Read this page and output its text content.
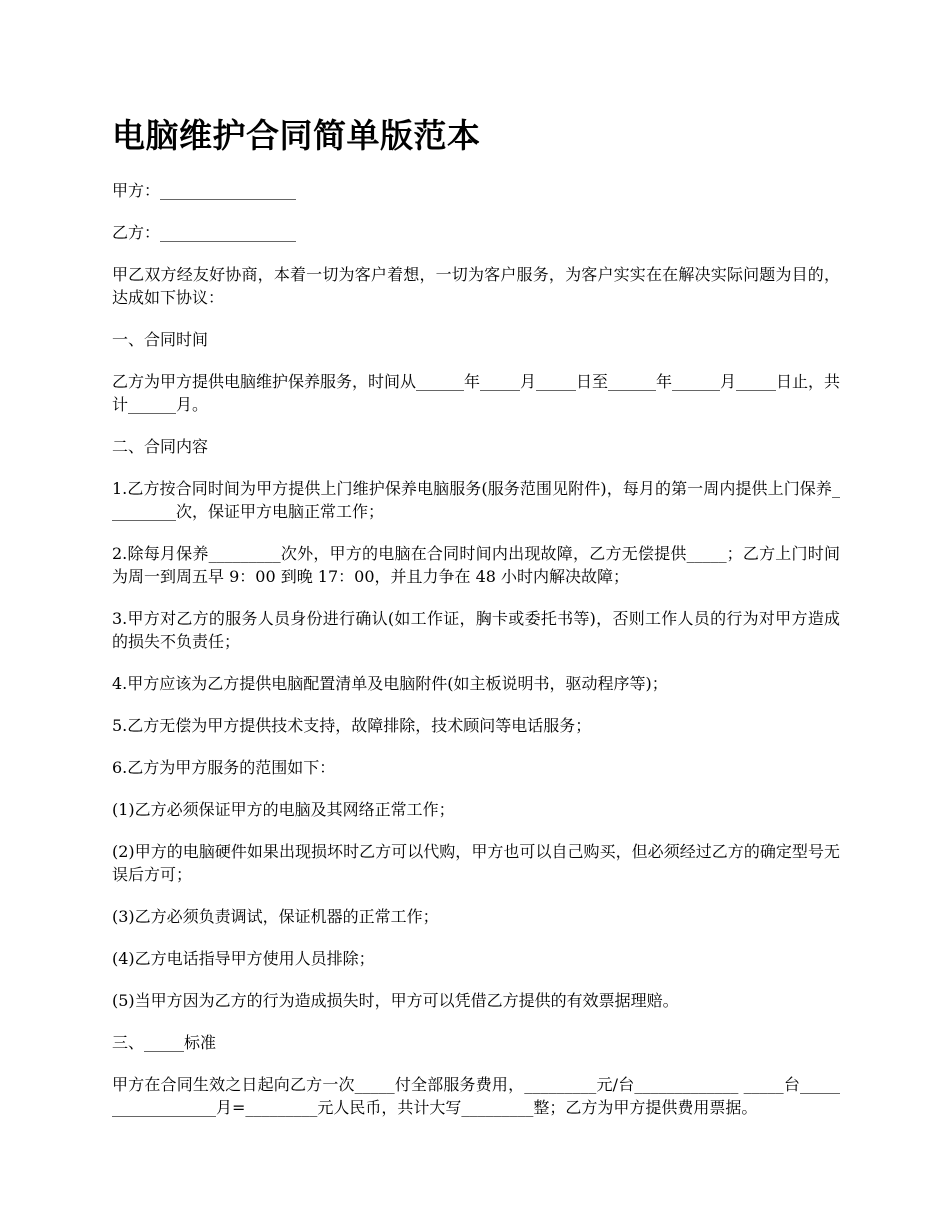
电脑维护合同简单版范本

甲方：_________________

乙方：_________________

甲乙双方经友好协商，本着一切为客户着想，一切为客户服务，为客户实实在在解决实际问题为目的，达成如下协议：

一、合同时间

乙方为甲方提供电脑维护保养服务，时间从______年_____月_____日至______年______月_____日止，共计______月。

二、合同内容

1.乙方按合同时间为甲方提供上门维护保养电脑服务(服务范围见附件)，每月的第一周内提供上门保养_________次，保证甲方电脑正常工作；

2.除每月保养_________次外，甲方的电脑在合同时间内出现故障，乙方无偿提供_____；乙方上门时间为周一到周五早 9：00 到晚 17：00，并且力争在 48 小时内解决故障；

3.甲方对乙方的服务人员身份进行确认(如工作证，胸卡或委托书等)，否则工作人员的行为对甲方造成的损失不负责任；

4.甲方应该为乙方提供电脑配置清单及电脑附件(如主板说明书，驱动程序等)；

5.乙方无偿为甲方提供技术支持，故障排除，技术顾问等电话服务；

6.乙方为甲方服务的范围如下：

(1)乙方必须保证甲方的电脑及其网络正常工作；

(2)甲方的电脑硬件如果出现损坏时乙方可以代购，甲方也可以自己购买，但必须经过乙方的确定型号无误后方可；

(3)乙方必须负责调试，保证机器的正常工作；

(4)乙方电话指导甲方使用人员排除；

(5)当甲方因为乙方的行为造成损失时，甲方可以凭借乙方提供的有效票据理赔。

三、_____标准

甲方在合同生效之日起向乙方一次_____付全部服务费用，_________元/台_____________ _____台__________________月=_________元人民币，共计大写_________整；乙方为甲方提供费用票据。
